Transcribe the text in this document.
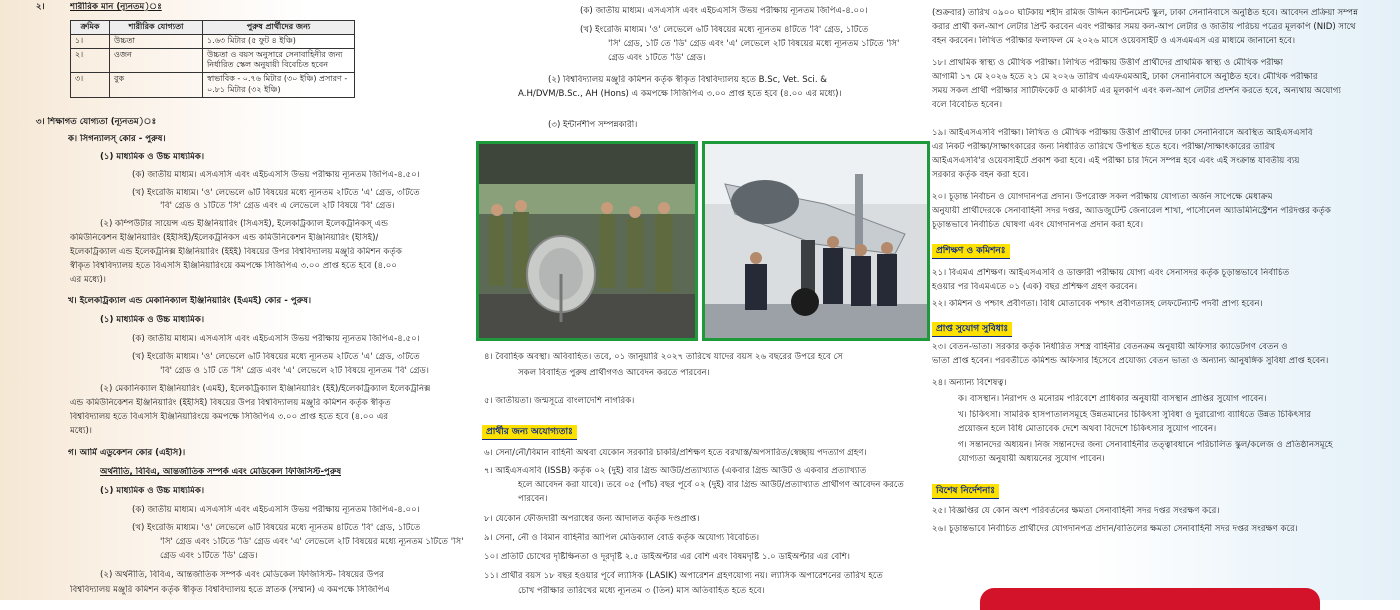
২।	শারীরিক মান (ন্যূনতম)ঃ
ক্রমিক	শারীরিক যোগ্যতা	পুরুষ প্রার্থীদের জন্য
১।	উচ্চতা	১.৬৩ মিটার (৫ ফুট ৪ ইঞ্চি)
২।	ওজন	উচ্চতা ও বয়স অনুসারে সেনাবাহিনীর জন্য নির্ধারিত স্কেল অনুযায়ী বিবেচিত হবেন
৩।	বুক	স্বাভাবিক - ০.৭৬ মিটার (৩০ ইঞ্চি) প্রসারণ - ০.৮১ মিটার (৩২ ইঞ্চি)
৩। শিক্ষাগত যোগ্যতা (ন্যূনতম)ঃ
ক। সিগন্যালস্ কোর - পুরুষ।
(১) মাধ্যমিক ও উচ্চ মাধ্যমিক।
(ক) জাতীয় মাধ্যম। এসএসসি এবং এইচএসসি উভয় পরীক্ষায় ন্যূনতম জিপিএ-৪.৫০।
(খ) ইংরেজি মাধ্যম। 'ও' লেভেলে ৬টি বিষয়ের মধ্যে ন্যূনতম ২টিতে 'এ' গ্রেড, ৩টিতে
'বি' গ্রেড ও ১টিতে 'সি' গ্রেড এবং এ লেভেলে ২টি বিষয়ে 'বি' গ্রেড।
(২) কম্পিউটার সায়েন্স এন্ড ইঞ্জিনিয়ারিং (সিএসই), ইলেকট্রিক্যাল ইলেকট্রনিকস্ এন্ড
কমিউনিকেশন ইঞ্জিনিয়ারিং (ইইসিই)/ইলেকট্রনিকস এন্ড কমিউনিকেশন ইঞ্জিনিয়ারিং (ইসিই)/
ইলেকট্রিক্যাল এন্ড ইলেকট্রনিক্স ইঞ্জিনিয়ারিং (ইইই) বিষয়ের উপর বিশ্ববিদ্যালয় মঞ্জুরি কমিশন কর্তৃক
স্বীকৃত বিশ্ববিদ্যালয় হতে বিএসসি ইঞ্জিনিয়ারিংয়ে কমপক্ষে সিজিপিএ ৩.০০ প্রাপ্ত হতে হবে (৪.০০
এর মধ্যে)।
খ। ইলেকট্রিক্যাল এন্ড মেকানিক্যাল ইঞ্জিনিয়ারিং (ইএমই) কোর - পুরুষ।
(১) মাধ্যমিক ও উচ্চ মাধ্যমিক।
(ক) জাতীয় মাধ্যম। এসএসসি এবং এইচএসসি উভয় পরীক্ষায় ন্যূনতম জিপিএ-৪.৫০।
(খ) ইংরেজি মাধ্যম। 'ও' লেভেলে ৬টি বিষয়ের মধ্যে ন্যূনতম ২টিতে 'এ' গ্রেড, ৩টিতে
'বি' গ্রেড ও ১টি তে 'সি' গ্রেড এবং 'এ' লেভেলে ২টি বিষয়ে ন্যূনতম 'বি' গ্রেড।
(২) মেকানিক্যাল ইঞ্জিনিয়ারিং (এমই), ইলেকট্রিক্যাল ইঞ্জিনিয়ারিং (ইই)/ইলেকট্রিক্যাল ইলেকট্রনিক্স
এন্ড কমিউনিকেশন ইঞ্জিনিয়ারিং (ইইসিই) বিষয়ের উপর বিশ্ববিদ্যালয় মঞ্জুরি কমিশন কর্তৃক স্বীকৃত
বিশ্ববিদ্যালয় হতে বিএসসি ইঞ্জিনিয়ারিংয়ে কমপক্ষে সিজিপিএ ৩.০০ প্রাপ্ত হতে হবে (৪.০০ এর
মধ্যে)।
গ। আর্মি এডুকেশন কোর (এইসি)।
অর্থনীতি, বিবিএ, আন্তর্জাতিক সম্পর্ক এবং মেডিকেল ফিজিসিস্ট-পুরুষ
(১) মাধ্যমিক ও উচ্চ মাধ্যমিক।
(ক) জাতীয় মাধ্যম। এসএসসি এবং এইচএসসি উভয় পরীক্ষায় ন্যূনতম জিপিএ-৪.০০।
(খ) ইংরেজি মাধ্যম। 'ও' লেভেলে ৬টি বিষয়ের মধ্যে ন্যূনতম ৪টিতে 'বি' গ্রেড, ১টিতে
'সি' গ্রেড এবং ১টিতে 'ডি' গ্রেড এবং 'এ' লেভেলে ২টি বিষয়ের মধ্যে ন্যূনতম ১টিতে 'সি'
গ্রেড এবং ১টিতে 'ডি' গ্রেড।
(২) অর্থনীতি, বিবিএ, আন্তর্জাতিক সম্পর্ক এবং মেডিকেল ফিজিসিস্ট- বিষয়ের উপর
বিশ্ববিদ্যালয় মঞ্জুরি কমিশন কর্তৃক স্বীকৃত বিশ্ববিদ্যালয় হতে স্নাতক (সম্মান) এ কমপক্ষে সিজিপিএ
(ক) জাতীয় মাধ্যম। এসএসসি এবং এইচএসসি উভয় পরীক্ষায় ন্যূনতম জিপিএ-৪.০০।
(খ) ইংরেজি মাধ্যম। 'ও' লেভেলে ৬টি বিষয়ের মধ্যে ন্যূনতম ৪টিতে 'বি' গ্রেড, ১টিতে
'সি' গ্রেড, ১টি তে 'ডি' গ্রেড এবং 'এ' লেভেলে ২টি বিষয়ের মধ্যে ন্যূনতম ১টিতে 'সি'
গ্রেড এবং ১টিতে 'ডি' গ্রেড।
(২) বিশ্ববিদ্যালয় মঞ্জুরি কমিশন কর্তৃক স্বীকৃত বিশ্ববিদ্যালয় হতে B.Sc, Vet. Sci. &
A.H/DVM/B.Sc., AH (Hons) এ কমপক্ষে সিজিপিএ ৩.০০ প্রাপ্ত হতে হবে (৪.০০ এর মধ্যে)।
(৩) ইন্টার্নশীপ সম্পন্নকারী।
৪। বৈবাহিক অবস্থা। অবিবাহিত। তবে, ০১ জানুয়ারি ২০২৭ তারিখে যাদের বয়স ২৬ বছরের উপরে হবে সে
সকল বিবাহিত পুরুষ প্রার্থীগণও আবেদন করতে পারবেন।
৫। জাতীয়তা। জন্মসূত্রে বাংলাদেশি নাগরিক।
প্রার্থীর জন্য অযোগ্যতাঃ
৬। সেনা/নৌ/বিমান বাহিনী অথবা যেকোন সরকারি চাকরি/প্রশিক্ষণ হতে বরখাস্ত/অপসারিত/স্বেচ্ছায় পদত্যাগ গ্রহণ।
৭। আইএসএসবি (ISSB) কর্তৃক ০২ (দুই) বার গ্রিন্ড আউট/প্রত্যাখ্যাত (একবার গ্রিন্ড আউট ও একবার প্রত্যাখ্যাত
হলে আবেদন করা যাবে)। তবে ০৫ (পাঁচ) বছর পূর্বে ০২ (দুই) বার গ্রিন্ড আউট/প্রত্যাখ্যাত প্রার্থীগণ আবেদন করতে
পারবেন।
৮। যেকোন ফৌজদারী অপরাধের জন্য আদালত কর্তৃক দণ্ডপ্রাপ্ত।
৯। সেনা, নৌ ও বিমান বাহিনীর আপিল মেডিক্যাল বোর্ড কর্তৃক অযোগ্য বিবেচিত।
১০। প্রতিটি চোখের দৃষ্টিক্ষিনতা ও দূরদৃষ্টি ২.৫ ডাইঅপ্টার এর বেশি এবং বিষমদৃষ্টি ১.০ ডাইঅপ্টার এর বেশি।
১১। প্রার্থীর বয়স ১৮ বছর হওয়ার পূর্বে ল্যাসিক (LASIK) অপারেশন গ্রহণযোগ্য নয়। ল্যাসিক অপারেশনের তারিখ হতে
চোখ পরীক্ষার তারিখের মধ্যে ন্যূনতম ৩ (তিন) মাস অতিবাহিত হতে হবে।
(শুক্রবার) তারিখ ০৯০০ ঘটিকায় শহীদ রমিজ উদ্দিন ক্যান্টনমেন্ট স্কুল, ঢাকা সেনানিবাসে অনুষ্ঠিত হবে। আবেদন প্রক্রিয়া সম্পন্ন
করার প্রার্থী কল-আপ লেটার প্রিন্ট করবেন এবং পরীক্ষার সময় কল-আপ লেটার ও জাতীয় পরিচয় পত্রের মূলকপি (NID) সাথে
বহন করবেন। লিখিত পরীক্ষার ফলাফল মে ২০২৬ মাসে ওয়েবসাইট ও এসএমএস এর মাধ্যমে জানানো হবে।
১৮। প্রাথমিক স্বাস্থ্য ও মৌখিক পরীক্ষা। লিখিত পরীক্ষায় উত্তীর্ণ প্রার্থীদের প্রাথমিক স্বাস্থ্য ও মৌখিক পরীক্ষা
আগামী ১৭ মে ২০২৬ হতে ২১ মে ২০২৬ তারিখ এএফএমআই, ঢাকা সেনানিবাসে অনুষ্ঠিত হবে। মৌখিক পরীক্ষার
সময় সকল প্রার্থী পরীক্ষার সার্টিফিকেট ও মার্কসিট এর মূলকপি এবং কল-আপ লেটার প্রদর্শন করতে হবে, অন্যথায় অযোগ্য
বলে বিবেচিত হবেন।
১৯। আইএসএসবি পরীক্ষা। লিখিত ও মৌখিক পরীক্ষায় উত্তীর্ণ প্রার্থীদের ঢাকা সেনানিবাসে অবস্থিত আইএসএসবি
এর নিকট পরীক্ষা/সাক্ষাৎকারের জন্য নির্ধারিত তারিখে উপস্থিত হতে হবে। পরীক্ষা/সাক্ষাৎকারের তারিখ
আইএসএসবি'র ওয়েবসাইটে প্রকাশ করা হবে। এই পরীক্ষা চার দিনে সম্পন্ন হবে এবং এই সংক্রান্ত যাবতীয় ব্যয়
সরকার কর্তৃক বহন করা হবে।
২০। চূড়ান্ত নির্বাচন ও যোগদানপত্র প্রদান। উপরোক্ত সকল পরীক্ষায় যোগ্যতা অর্জন সাপেক্ষে মেধাক্রম
অনুযায়ী প্রার্থীদেরকে সেনাবাহিনী সদর দপ্তর, অ্যাডজুটেন্ট জেনারেল শাখা, পার্সোনেল অ্যাডমিনিস্ট্রেশন পরিদপ্তর কর্তৃক
চূড়ান্তভাবে নির্বাচিত ঘোষণা এবং যোগদানপত্র প্রদান করা হবে।
প্রশিক্ষণ ও কমিশনঃ
২১। বিএমএ প্রশিক্ষণ। আইএসএসবি ও ডাক্তারী পরীক্ষায় যোগ্য এবং সেনাসদর কর্তৃক চূড়ান্তভাবে নির্বাচিত
হওয়ার পর বিএমএতে ০১ (এক) বছর প্রশিক্ষণ গ্রহণ করবেন।
২২। কমিশন ও পশ্চাৎ প্রবীণতা। বিধি মোতাবেক পশ্চাৎ প্রবীণতাসহ লেফটেন্যান্ট পদবী প্রাপ্য হবেন।
প্রাপ্ত সুযোগ সুবিধাঃ
২৩। বেতন-ভাতা। সরকার কর্তৃক নির্ধারিত সশস্ত্র বাহিনীর বেতনক্রম অনুযায়ী অফিসার ক্যাডেটগণ বেতন ও
ভাতা প্রাপ্ত হবেন। পরবর্তীতে কমিশন্ড অফিসার হিসেবে প্রযোজ্য বেতন ভাতা ও অন্যান্য আনুষঙ্গিক সুবিধা প্রাপ্ত হবেন।
২৪। অন্যান্য বিশেষত্ব।
ক। বাসস্থান। নিরাপদ ও মনোরম পরিবেশে প্রাধিকার অনুযায়ী বাসস্থান প্রাপ্তির সুযোগ পাবেন।
খ। চিকিৎসা। সামরিক হাসপাতালসমূহে উন্নতমানের চিকিৎসা সুবিধা ও দুরারোগ্য ব্যাধিতে উন্নত চিকিৎসার
প্রয়োজন হলে বিধি মোতাবেক দেশে অথবা বিদেশে চিকিৎসার সুযোগ পাবেন।
গ। সন্তানদের অধ্যয়ন। নিজ সন্তানদের জন্য সেনাবাহিনীর তত্ত্বাবধানে পরিচালিত স্কুল/কলেজ ও প্রতিষ্ঠানসমূহে
যোগ্যতা অনুযায়ী অধ্যয়নের সুযোগ পাবেন।
বিশেষ নির্দেশনাঃ
২৫। বিজ্ঞপ্তির যে কোন অংশ পরিবর্তনের ক্ষমতা সেনাবাহিনী সদর দপ্তর সংরক্ষণ করে।
২৬। চূড়ান্তভাবে নির্বাচিত প্রার্থীদের যোগদানপত্র প্রদান/বাতিলের ক্ষমতা সেনাবাহিনী সদর দপ্তর সংরক্ষণ করে।
